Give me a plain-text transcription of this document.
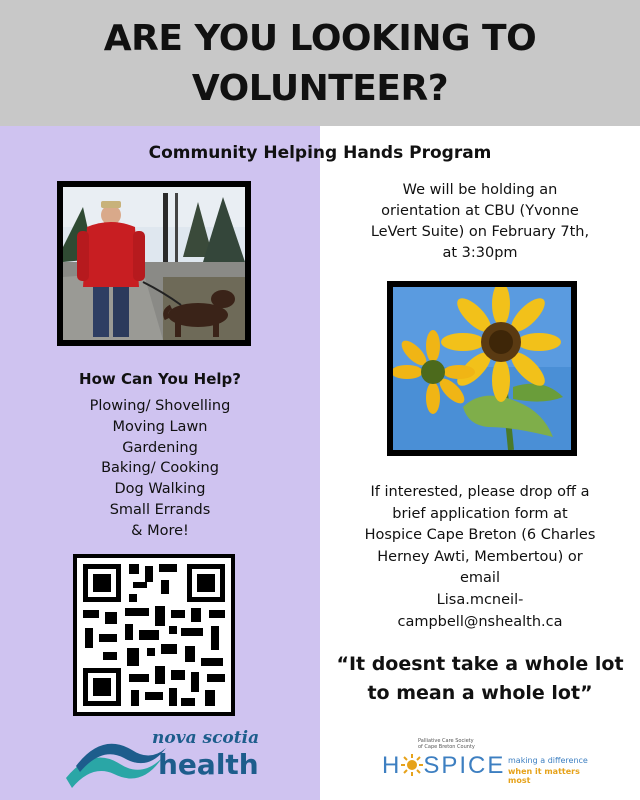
ARE YOU LOOKING TO
VOLUNTEER?
Community Helping Hands Program
How Can You Help?
Plowing/ Shovelling
Moving Lawn
Gardening
Baking/ Cooking
Dog Walking
Small Errands
& More!
nova scotia
health
We will be holding an
orientation at CBU (Yvonne
LeVert Suite) on February 7th,
at 3:30pm
If interested, please drop off a
brief application form at
Hospice Cape Breton (6 Charles
Herney Awti, Membertou) or
email
Lisa.mcneil-
campbell@nshealth.ca
“It doesnt take a whole lot
to mean a whole lot”
Palliative Care Society
of Cape Breton County
H SPICE making a difference
when it matters most
